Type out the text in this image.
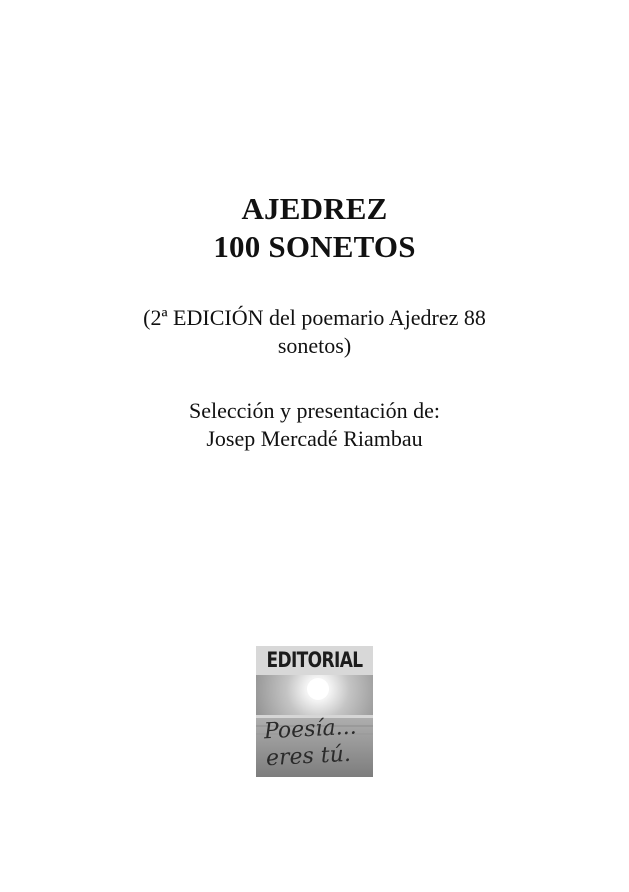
AJEDREZ
100 SONETOS
(2ª EDICIÓN del poemario Ajedrez 88
sonetos)
Selección y presentación de:
Josep Mercadé Riambau
EDITORIAL
Poesía...
eres tú.
